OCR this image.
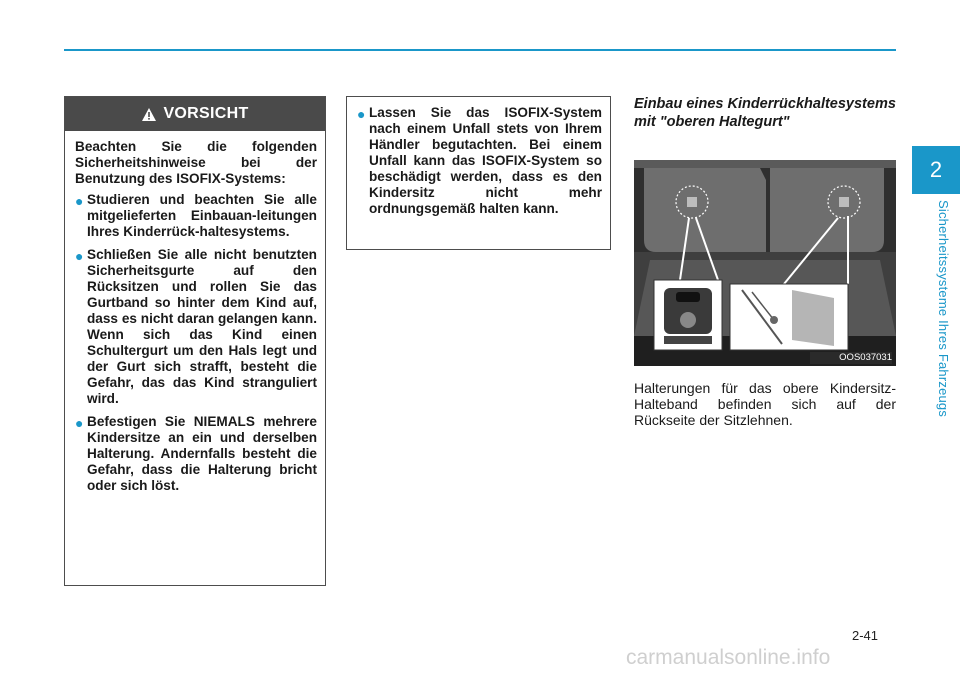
VORSICHT
Beachten Sie die folgenden Sicherheitshinweise bei der Benutzung des ISOFIX-Systems:
● Studieren und beachten Sie alle mitgelieferten Einbauan-leitungen Ihres Kinderrück-haltesystems.
● Schließen Sie alle nicht benutzten Sicherheitsgurte auf den Rücksitzen und rollen Sie das Gurtband so hinter dem Kind auf, dass es nicht daran gelangen kann. Wenn sich das Kind einen Schultergurt um den Hals legt und der Gurt sich strafft, besteht die Gefahr, das das Kind stranguliert wird.
● Befestigen Sie NIEMALS mehrere Kindersitze an ein und derselben Halterung. Andernfalls besteht die Gefahr, dass die Halterung bricht oder sich löst.
● Lassen Sie das ISOFIX-System nach einem Unfall stets von Ihrem Händler begutachten. Bei einem Unfall kann das ISOFIX-System so beschädigt werden, dass es den Kindersitz nicht mehr ordnungsgemäß halten kann.
Einbau eines Kinderrückhaltesystems mit "oberen Haltegurt"
OOS037031
Halterungen für das obere Kindersitz-Halteband befinden sich auf der Rückseite der Sitzlehnen.
2
Sicherheitssysteme Ihres Fahrzeugs
2-41
carmanualsonline.info
